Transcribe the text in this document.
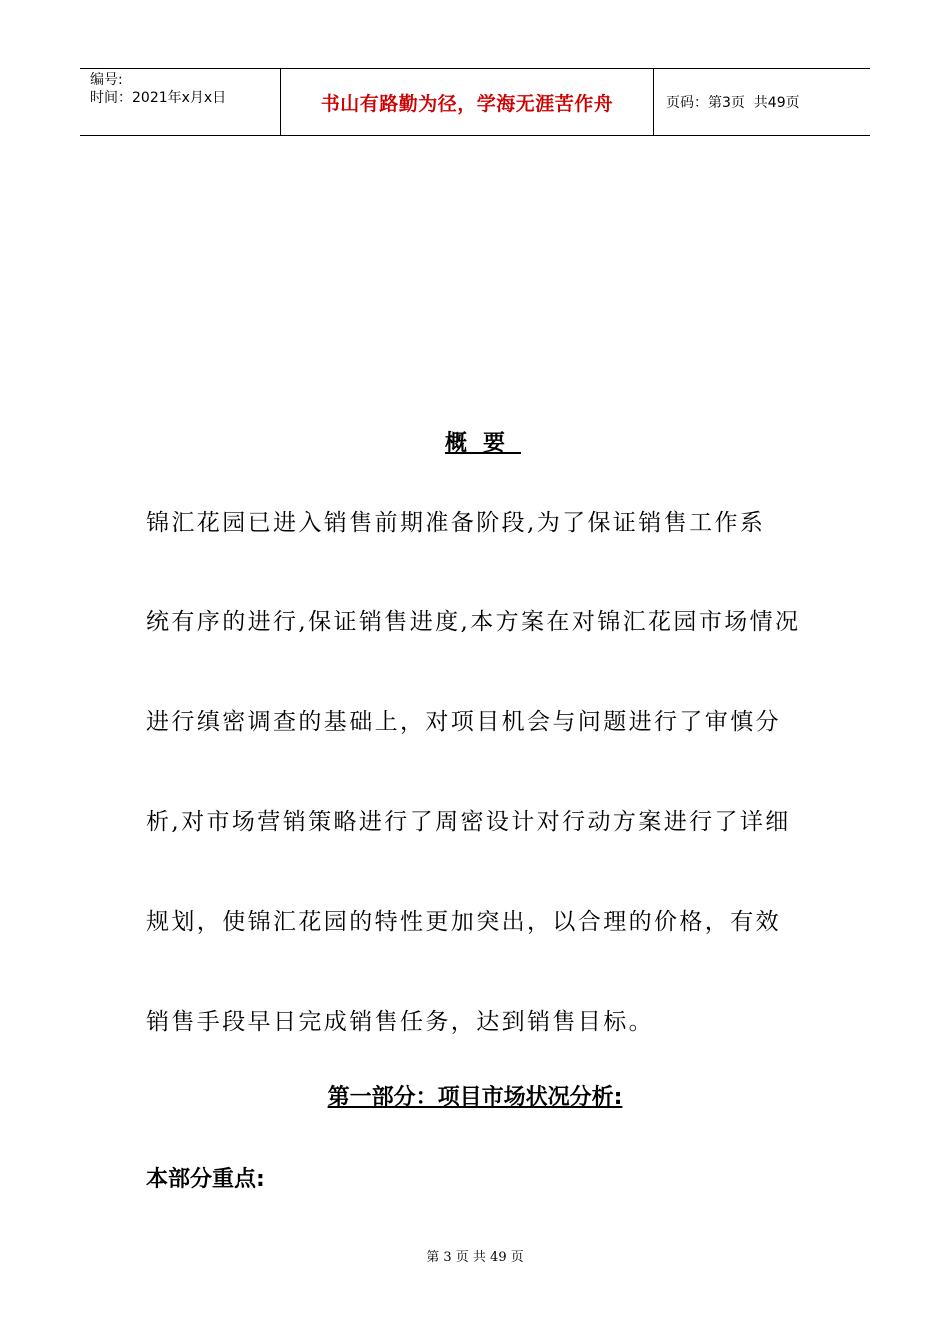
编号:
时间：2021年x月x日	书山有路勤为径，学海无涯苦作舟	页码：第3页  共49页
概要
锦汇花园已进入销售前期准备阶段,为了保证销售工作系
统有序的进行,保证销售进度,本方案在对锦汇花园市场情况
进行缜密调查的基础上，对项目机会与问题进行了审慎分
析,对市场营销策略进行了周密设计对行动方案进行了详细
规划，使锦汇花园的特性更加突出，以合理的价格，有效
销售手段早日完成销售任务，达到销售目标。
第一部分：项目市场状况分析:
本部分重点:
第 3 页 共 49 页
